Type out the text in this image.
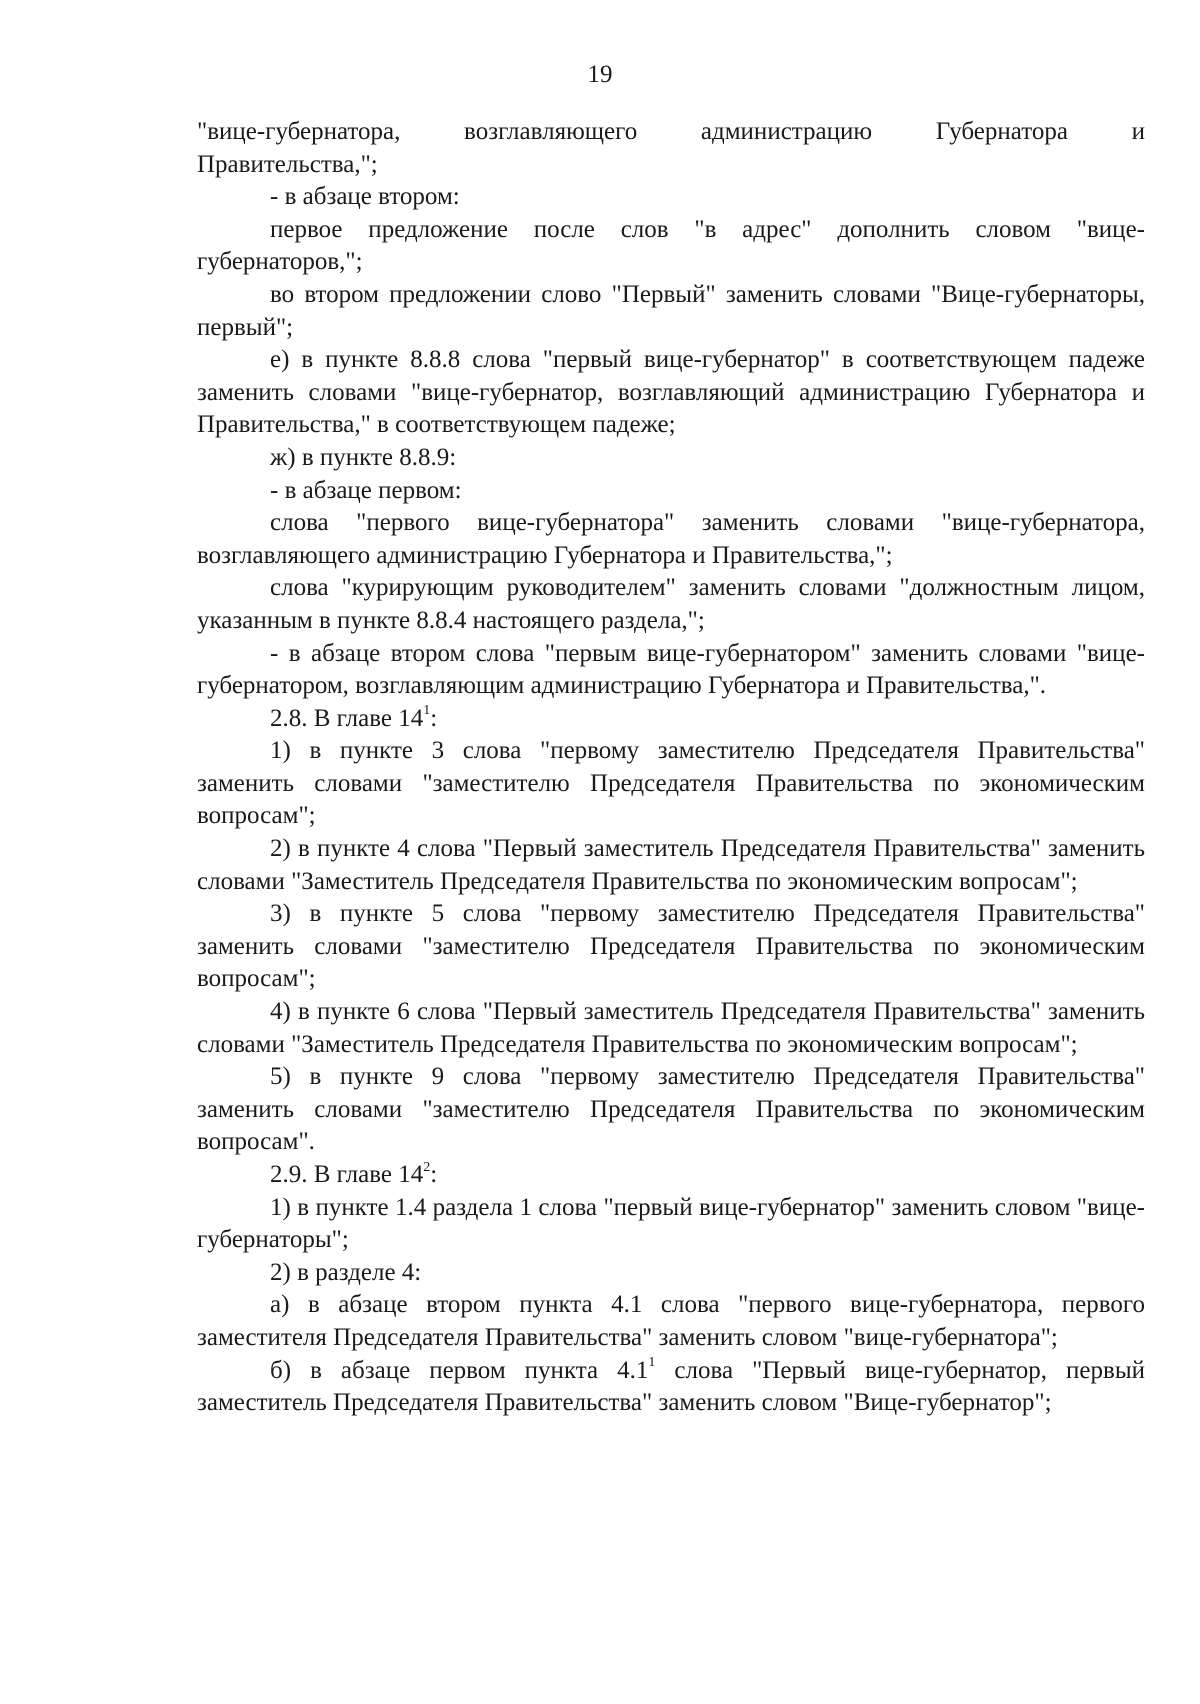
19

"вице-губернатора, возглавляющего администрацию Губернатора и

Правительства,";

- в абзаце втором:

первое предложение после слов "в адрес" дополнить словом "вице-губернаторов,";

во втором предложении слово "Первый" заменить словами "Вице-губернаторы, первый";

е) в пункте 8.8.8 слова "первый вице-губернатор" в соответствующем падеже заменить словами "вице-губернатор, возглавляющий администрацию Губернатора и Правительства," в соответствующем падеже;

ж) в пункте 8.8.9:

- в абзаце первом:

слова "первого вице-губернатора" заменить словами "вице-губернатора, возглавляющего администрацию Губернатора и Правительства,";

слова "курирующим руководителем" заменить словами "должностным лицом, указанным в пункте 8.8.4 настоящего раздела,";

- в абзаце втором слова "первым вице-губернатором" заменить словами "вице-губернатором, возглавляющим администрацию Губернатора и Правительства,".

2.8. В главе $14^1$:

1) в пункте 3 слова "первому заместителю Председателя Правительства" заменить словами "заместителю Председателя Правительства по экономическим вопросам";

2) в пункте 4 слова "Первый заместитель Председателя Правительства" заменить словами "Заместитель Председателя Правительства по экономическим вопросам";

3) в пункте 5 слова "первому заместителю Председателя Правительства" заменить словами "заместителю Председателя Правительства по экономическим вопросам";

4) в пункте 6 слова "Первый заместитель Председателя Правительства" заменить словами "Заместитель Председателя Правительства по экономическим вопросам";

5) в пункте 9 слова "первому заместителю Председателя Правительства" заменить словами "заместителю Председателя Правительства по экономическим вопросам".

2.9. В главе $14^2$:

1) в пункте 1.4 раздела 1 слова "первый вице-губернатор" заменить словом "вице-губернаторы";

2) в разделе 4:

а) в абзаце втором пункта 4.1 слова "первого вице-губернатора, первого заместителя Председателя Правительства" заменить словом "вице-губернатора";

б) в абзаце первом пункта $4.1^1$ слова "Первый вице-губернатор, первый заместитель Председателя Правительства" заменить словом "Вице-губернатор";
